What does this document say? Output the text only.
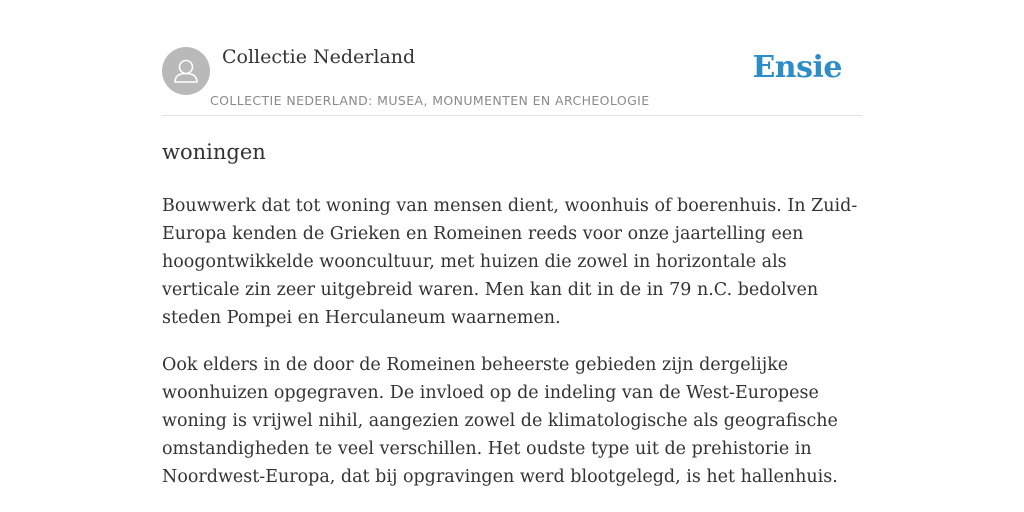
Collectie Nederland	Ensie
COLLECTIE NEDERLAND: MUSEA, MONUMENTEN EN ARCHEOLOGIE
woningen

Bouwwerk dat tot woning van mensen dient, woonhuis of boerenhuis. In Zuid-Europa kenden de Grieken en Romeinen reeds voor onze jaartelling een hoogontwikkelde wooncultuur, met huizen die zowel in horizontale als verticale zin zeer uitgebreid waren. Men kan dit in de in 79 n.C. bedolven steden Pompei en Herculaneum waarnemen.

Ook elders in de door de Romeinen beheerste gebieden zijn dergelijke woonhuizen opgegraven. De invloed op de indeling van de West-Europese woning is vrijwel nihil, aangezien zowel de klimatologische als geografische omstandigheden te veel verschillen. Het oudste type uit de prehistorie in Noordwest-Europa, dat bij opgravingen werd blootgelegd, is het hallenhuis.
